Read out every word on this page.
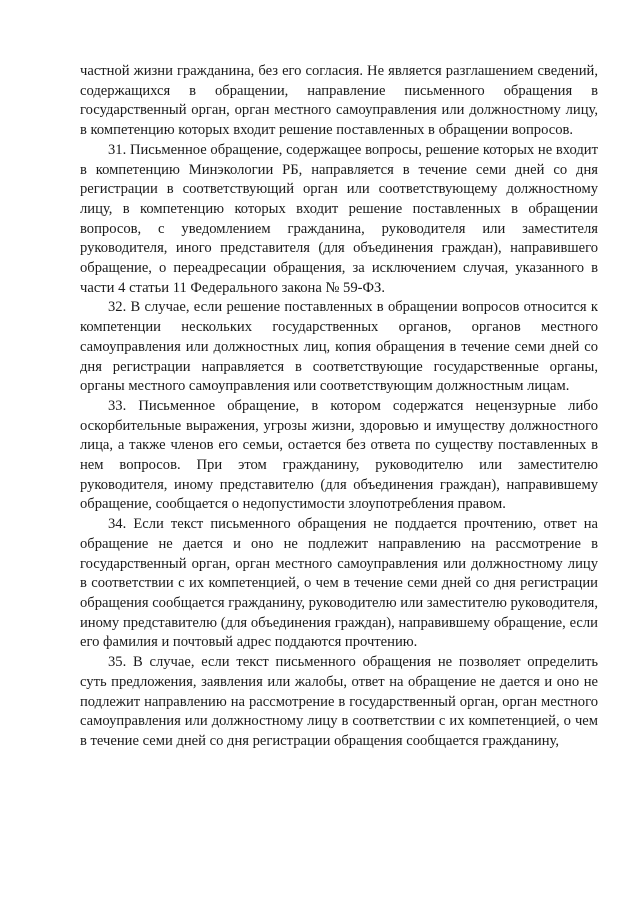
частной жизни гражданина, без его согласия. Не является разглашением сведений, содержащихся в обращении, направление письменного обращения в государственный орган, орган местного самоуправления или должностному лицу, в компетенцию которых входит решение поставленных в обращении вопросов.

31. Письменное обращение, содержащее вопросы, решение которых не входит в компетенцию Минэкологии РБ, направляется в течение семи дней со дня регистрации в соответствующий орган или соответствующему должностному лицу, в компетенцию которых входит решение поставленных в обращении вопросов, с уведомлением гражданина, руководителя или заместителя руководителя, иного представителя (для объединения граждан), направившего обращение, о переадресации обращения, за исключением случая, указанного в части 4 статьи 11 Федерального закона № 59-ФЗ.

32. В случае, если решение поставленных в обращении вопросов относится к компетенции нескольких государственных органов, органов местного самоуправления или должностных лиц, копия обращения в течение семи дней со дня регистрации направляется в соответствующие государственные органы, органы местного самоуправления или соответствующим должностным лицам.

33. Письменное обращение, в котором содержатся нецензурные либо оскорбительные выражения, угрозы жизни, здоровью и имуществу должностного лица, а также членов его семьи, остается без ответа по существу поставленных в нем вопросов. При этом гражданину, руководителю или заместителю руководителя, иному представителю (для объединения граждан), направившему обращение, сообщается о недопустимости злоупотребления правом.

34. Если текст письменного обращения не поддается прочтению, ответ на обращение не дается и оно не подлежит направлению на рассмотрение в государственный орган, орган местного самоуправления или должностному лицу в соответствии с их компетенцией, о чем в течение семи дней со дня регистрации обращения сообщается гражданину, руководителю или заместителю руководителя, иному представителю (для объединения граждан), направившему обращение, если его фамилия и почтовый адрес поддаются прочтению.

35. В случае, если текст письменного обращения не позволяет определить суть предложения, заявления или жалобы, ответ на обращение не дается и оно не подлежит направлению на рассмотрение в государственный орган, орган местного самоуправления или должностному лицу в соответствии с их компетенцией, о чем в течение семи дней со дня регистрации обращения сообщается гражданину,
